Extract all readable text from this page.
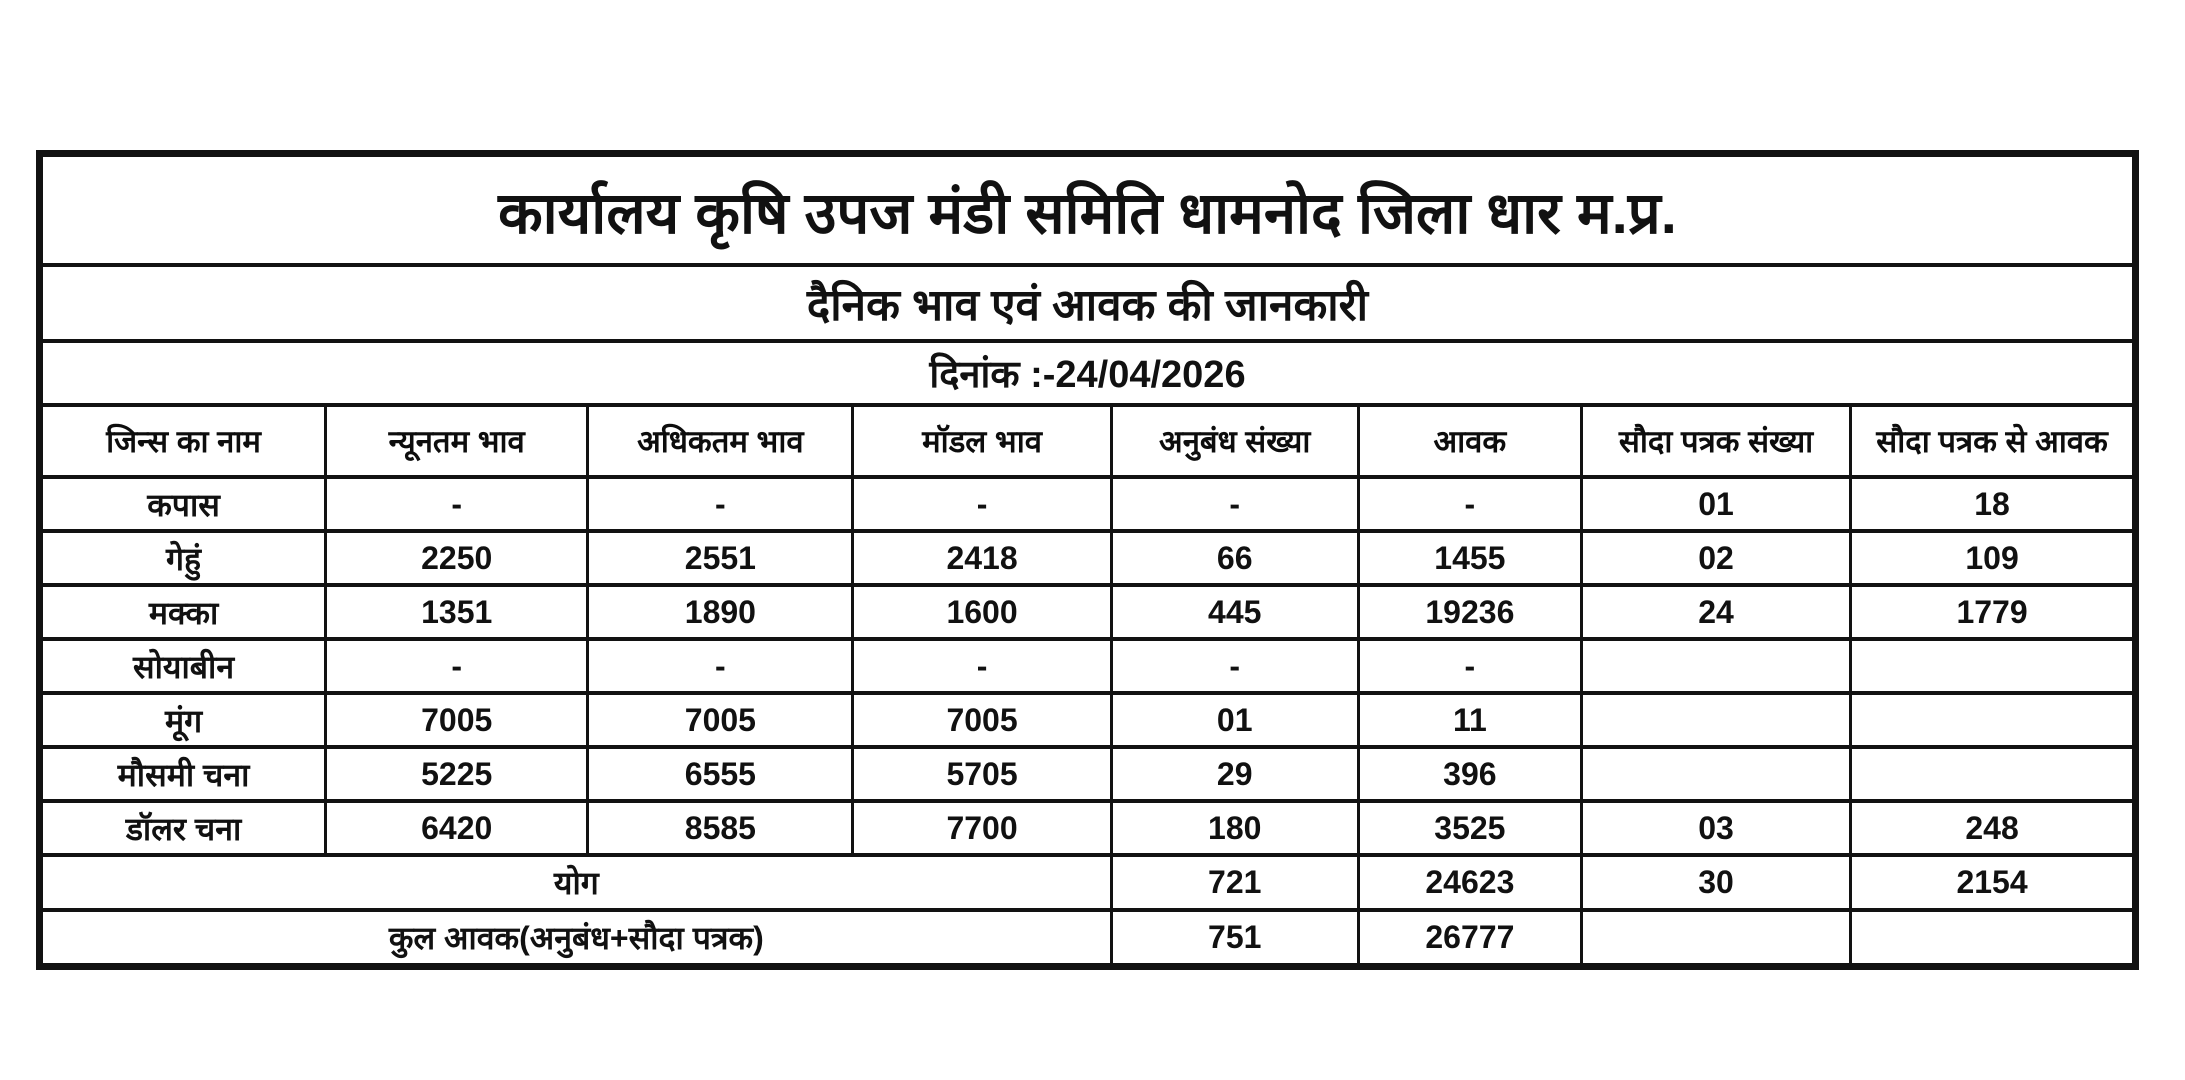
कार्यालय कृषि उपज मंडी समिति धामनोद जिला धार म.प्र.							
दैनिक भाव एवं आवक की जानकारी							
दिनांक :-24/04/2026							
जिन्स का नाम	न्यूनतम भाव	अधिकतम भाव	मॉडल भाव	अनुबंध संख्या	आवक	सौदा पत्रक संख्या	सौदा पत्रक से आवक
कपास	-	-	-	-	-	01	18
गेहुं	2250	2551	2418	66	1455	02	109
मक्का	1351	1890	1600	445	19236	24	1779
सोयाबीन	-	-	-	-	-		
मूंग	7005	7005	7005	01	11		
मौसमी चना	5225	6555	5705	29	396		
डॉलर चना	6420	8585	7700	180	3525	03	248
योग				721	24623	30	2154
कुल आवक(अनुबंध+सौदा पत्रक)				751	26777		
